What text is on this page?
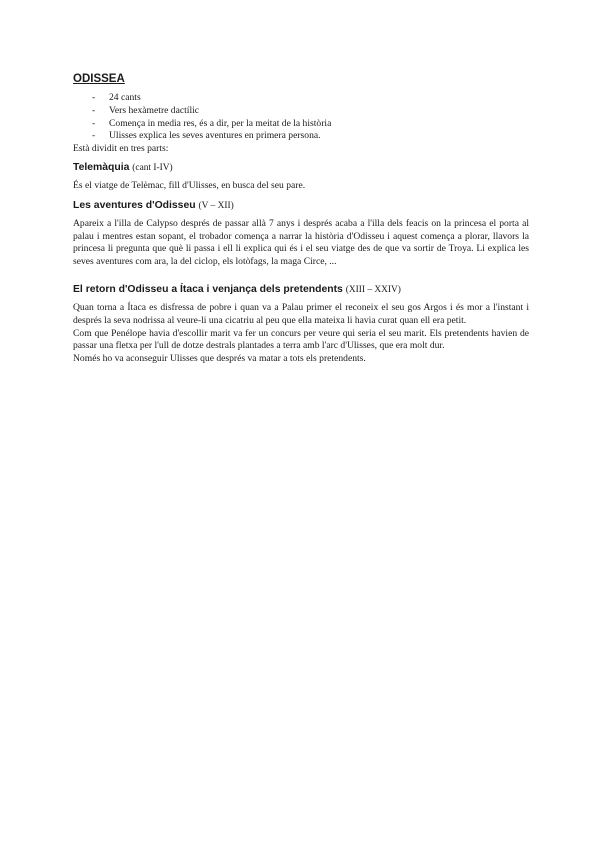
ODISSEA
- 24 cants
- Vers hexàmetre dactílic
- Comença in media res, és a dir, per la meitat de la història
- Ulisses explica les seves aventures en primera persona.
Està dividit en tres parts:
Telemàquia (cant I-IV)

És el viatge de Telèmac, fill d'Ulisses, en busca del seu pare.

Les aventures d'Odisseu (V – XII)

Apareix a l'illa de Calypso després de passar allà 7 anys i després acaba a l'illa dels feacis on la princesa el porta al palau i mentres estan sopant, el trobador comença a narrar la història d'Odisseu i aquest comença a plorar, llavors la princesa li pregunta que què li passa i ell li explica qui és i el seu viatge des de que va sortir de Troya. Li explica les seves aventures com ara, la del ciclop, els lotòfags, la maga Circe, ...

El retorn d'Odisseu a Ítaca i venjança dels pretendents (XIII – XXIV)

Quan torna a Ítaca es disfressa de pobre i quan va a Palau primer el reconeix el seu gos Argos i és mor a l'instant i després la seva nodrissa al veure-li una cicatriu al peu que ella mateixa li havia curat quan ell era petit.

Com que Penélope havia d'escollir marit va fer un concurs per veure qui seria el seu marit. Els pretendents havien de passar una fletxa per l'ull de dotze destrals plantades a terra amb l'arc d'Ulisses, que era molt dur.

Només ho va aconseguir Ulisses que després va matar a tots els pretendents.
